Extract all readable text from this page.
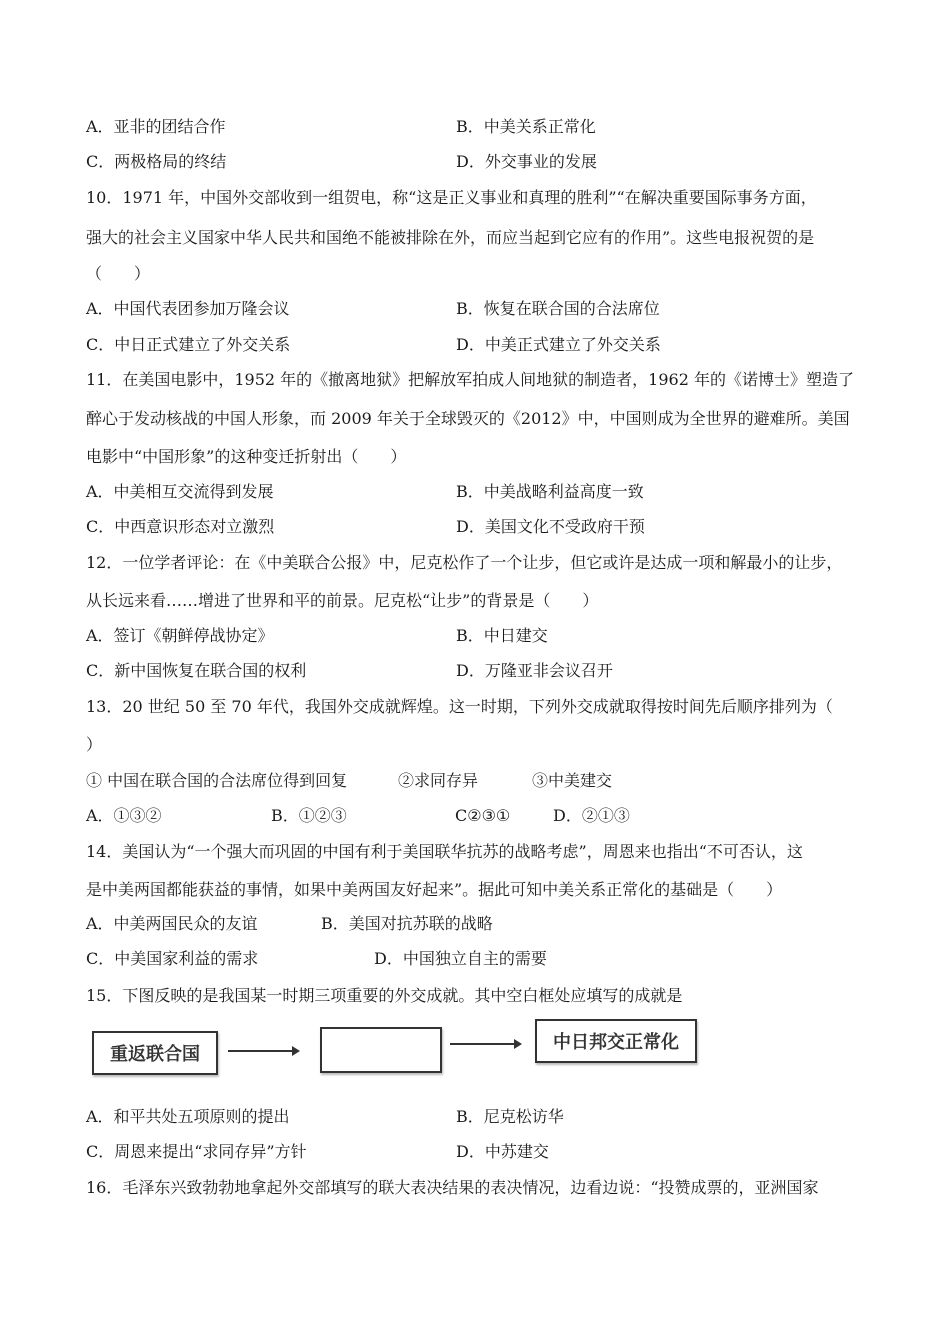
A．亚非的团结合作	B．中美关系正常化
C．两极格局的终结	D．外交事业的发展
10．1971 年，中国外交部收到一组贺电，称“这是正义事业和真理的胜利”“在解决重要国际事务方面，
强大的社会主义国家中华人民共和国绝不能被排除在外，而应当起到它应有的作用”。这些电报祝贺的是
（　　）
A．中国代表团参加万隆会议	B．恢复在联合国的合法席位
C．中日正式建立了外交关系	D．中美正式建立了外交关系
11．在美国电影中，1952 年的《撤离地狱》把解放军拍成人间地狱的制造者，1962 年的《诺博士》塑造了
醉心于发动核战的中国人形象，而 2009 年关于全球毁灭的《2012》中，中国则成为全世界的避难所。美国
电影中“中国形象”的这种变迁折射出（　　）
A．中美相互交流得到发展	B．中美战略利益高度一致
C．中西意识形态对立激烈	D．美国文化不受政府干预
12．一位学者评论：在《中美联合公报》中，尼克松作了一个让步，但它或许是达成一项和解最小的让步，
从长远来看……增进了世界和平的前景。尼克松“让步”的背景是（　　）
A．签订《朝鲜停战协定》	B．中日建交
C．新中国恢复在联合国的权利	D．万隆亚非会议召开
13．20 世纪 50 至 70 年代，我国外交成就辉煌。这一时期，下列外交成就取得按时间先后顺序排列为（
）
① 中国在联合国的合法席位得到回复	②求同存异	③中美建交
A．①③②	B．①②③	C②③①	D．②①③
14．美国认为“一个强大而巩固的中国有利于美国联华抗苏的战略考虑”，周恩来也指出“不可否认，这
是中美两国都能获益的事情，如果中美两国友好起来”。据此可知中美关系正常化的基础是（　　）
A．中美两国民众的友谊	B．美国对抗苏联的战略
C．中美国家利益的需求	D．中国独立自主的需要
15．下图反映的是我国某一时期三项重要的外交成就。其中空白框处应填写的成就是
重返联合国
中日邦交正常化
A．和平共处五项原则的提出	B．尼克松访华
C．周恩来提出“求同存异”方针	D．中苏建交
16．毛泽东兴致勃勃地拿起外交部填写的联大表决结果的表决情况，边看边说：“投赞成票的，亚洲国家
